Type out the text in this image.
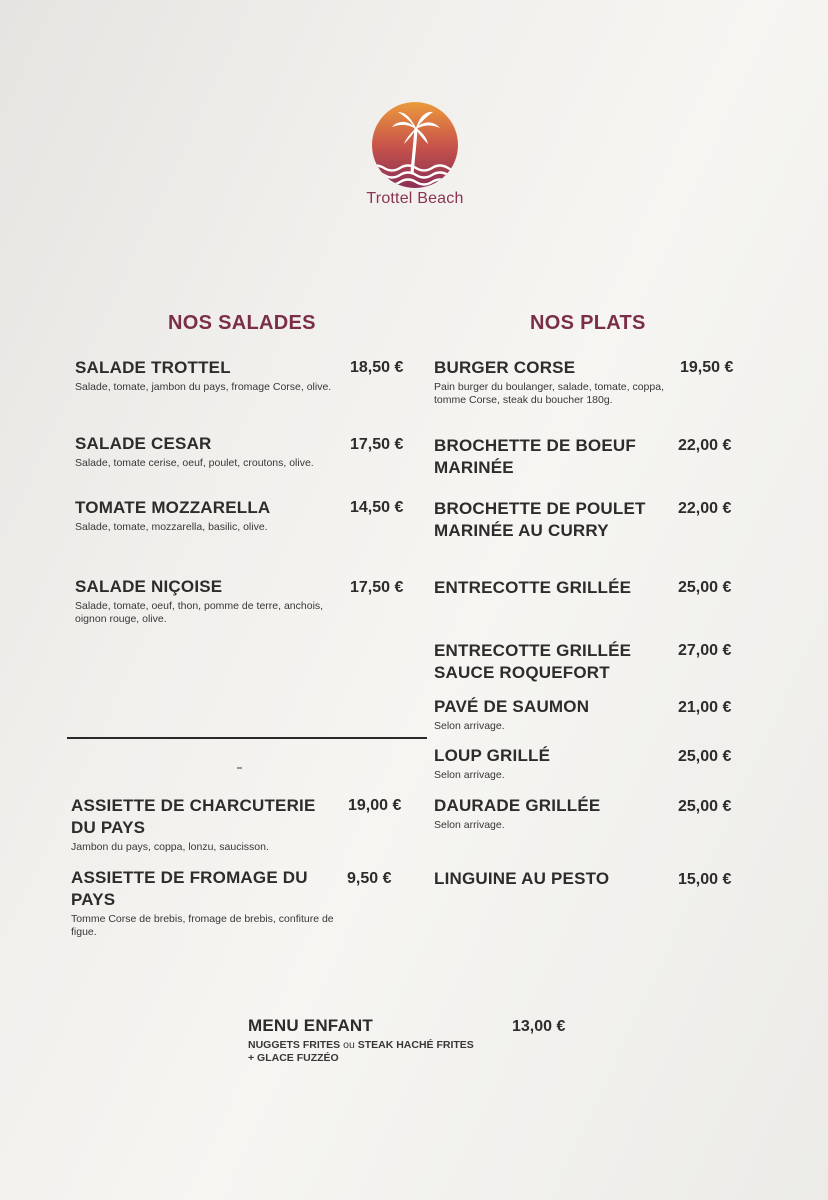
Trottel Beach
NOS SALADES	NOS PLATS
SALADE TROTTEL
Salade, tomate, jambon du pays, fromage Corse, olive.
18,50 €
SALADE CESAR
Salade, tomate cerise, oeuf, poulet, croutons, olive.
17,50 €
TOMATE MOZZARELLA
Salade, tomate, mozzarella, basilic, olive.
14,50 €
SALADE NIÇOISE
Salade, tomate, oeuf, thon, pomme de terre, anchois, oignon rouge, olive.
17,50 €
ASSIETTE DE CHARCUTERIE DU PAYS
Jambon du pays, coppa, lonzu, saucisson.
19,00 €
ASSIETTE DE FROMAGE DU PAYS
Tomme Corse de brebis, fromage de brebis, confiture de figue.
9,50 €
BURGER CORSE
Pain burger du boulanger, salade, tomate, coppa, tomme Corse, steak du boucher 180g.
19,50 €
BROCHETTE DE BOEUF MARINÉE
22,00 €
BROCHETTE DE POULET MARINÉE AU CURRY
22,00 €
ENTRECOTTE GRILLÉE	25,00 €
ENTRECOTTE GRILLÉE SAUCE ROQUEFORT
27,00 €
PAVÉ DE SAUMON
Selon arrivage.
21,00 €
LOUP GRILLÉ
Selon arrivage.
25,00 €
DAURADE GRILLÉE
Selon arrivage.
25,00 €
LINGUINE AU PESTO	15,00 €
MENU ENFANT
NUGGETS FRITES ou STEAK HACHÉ FRITES
+ GLACE FUZZÉO
13,00 €
